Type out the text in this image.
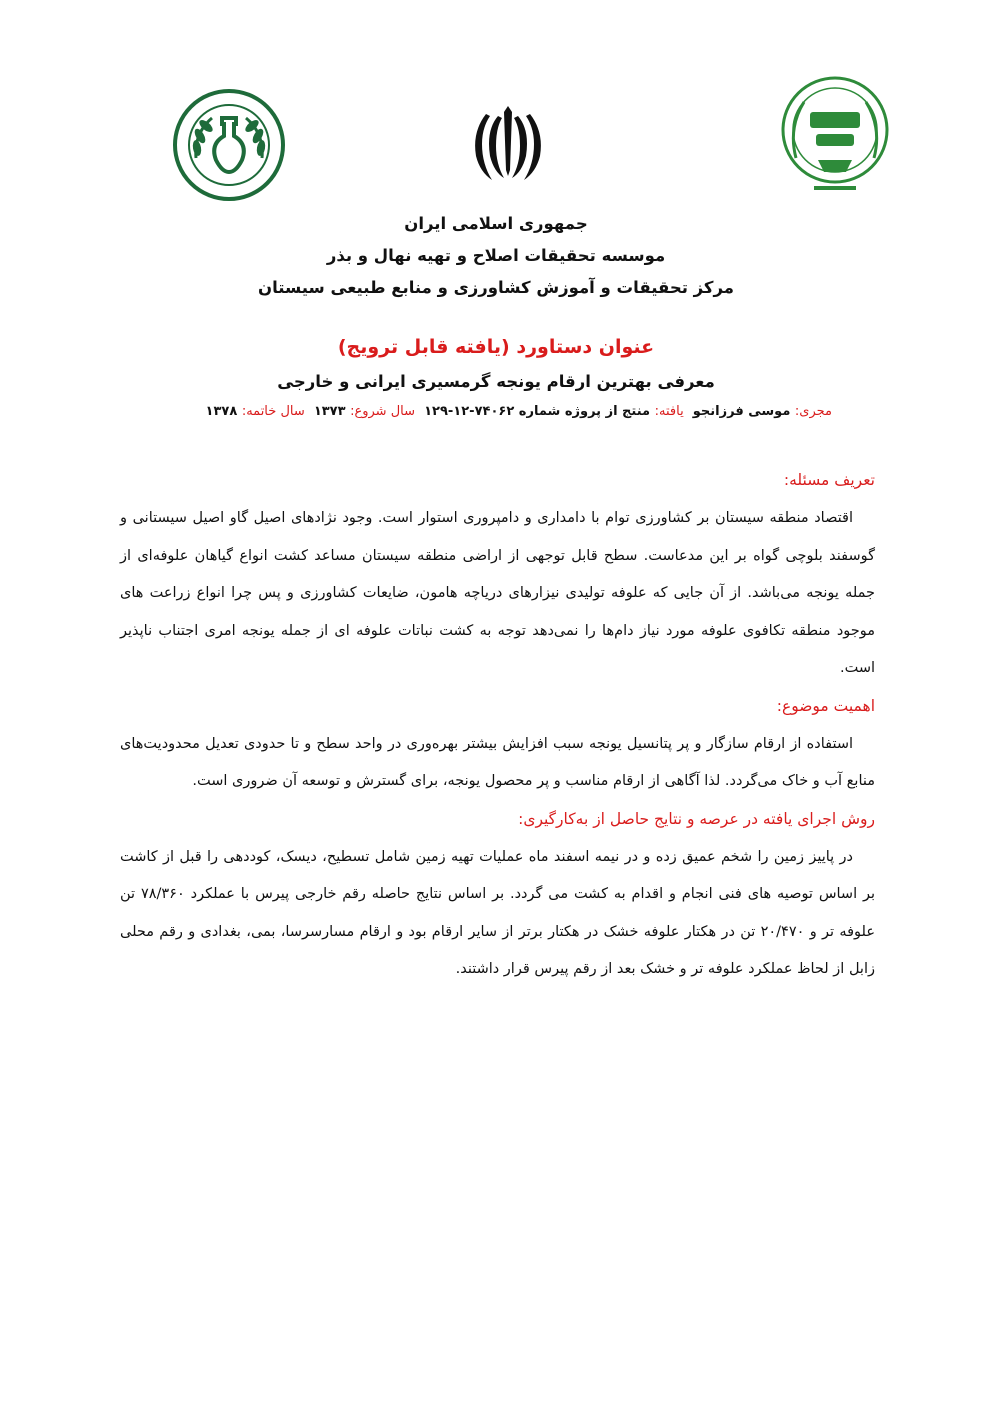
جمهوری اسلامی ایران
موسسه تحقیقات اصلاح و تهیه نهال و بذر
مرکز تحقیقات و آموزش کشاورزی و منابع طبیعی سیستان
عنوان دستاورد (یافته قابل ترویج)
معرفی بهترین ارقام یونجه گرمسیری ایرانی و خارجی
مجری: موسی فرزانجو  یافته: منتج از پروژه شماره ۷۴۰۶۲-۱۲-۱۲۹  سال شروع: ۱۳۷۳  سال خاتمه: ۱۳۷۸
تعریف مسئله:

اقتصاد منطقه سیستان بر کشاورزی توام با دامداری و دامپروری استوار است. وجود نژادهای اصیل گاو اصیل سیستانی و گوسفند بلوچی گواه بر این مدعاست. سطح قابل توجهی از اراضی منطقه سیستان مساعد کشت انواع گیاهان علوفه‌ای از جمله یونجه می‌باشد. از آن جایی که علوفه تولیدی نیزارهای دریاچه هامون، ضایعات کشاورزی و پس چرا انواع زراعت های موجود منطقه تکافوی علوفه مورد نیاز دام‌ها را نمی‌دهد توجه به کشت نباتات علوفه ای از جمله یونجه امری اجتناب ناپذیر است.

اهمیت موضوع:

استفاده از ارقام سازگار و پر پتانسیل یونجه سبب افزایش بیشتر بهره‌وری در واحد سطح و تا حدودی تعدیل محدودیت‌های منابع آب و خاک می‌گردد. لذا آگاهی از ارقام مناسب و پر محصول یونجه، برای گسترش و توسعه آن ضروری است.

روش اجرای یافته در عرصه و نتایج حاصل از به‌کارگیری:

در پاییز زمین را شخم عمیق زده و در نیمه اسفند ماه عملیات تهیه زمین شامل تسطیح، دیسک، کوددهی را قبل از کاشت بر اساس توصیه های فنی انجام و اقدام به کشت می گردد. بر اساس نتایج حاصله رقم خارجی پیرس با عملکرد ۷۸/۳۶۰ تن علوفه تر و ۲۰/۴۷۰ تن در هکتار علوفه خشک در هکتار برتر از سایر ارقام بود و ارقام مسارسرسا، بمی، بغدادی و رقم محلی زابل از لحاظ عملکرد علوفه تر و خشک بعد از رقم پیرس قرار داشتند.
